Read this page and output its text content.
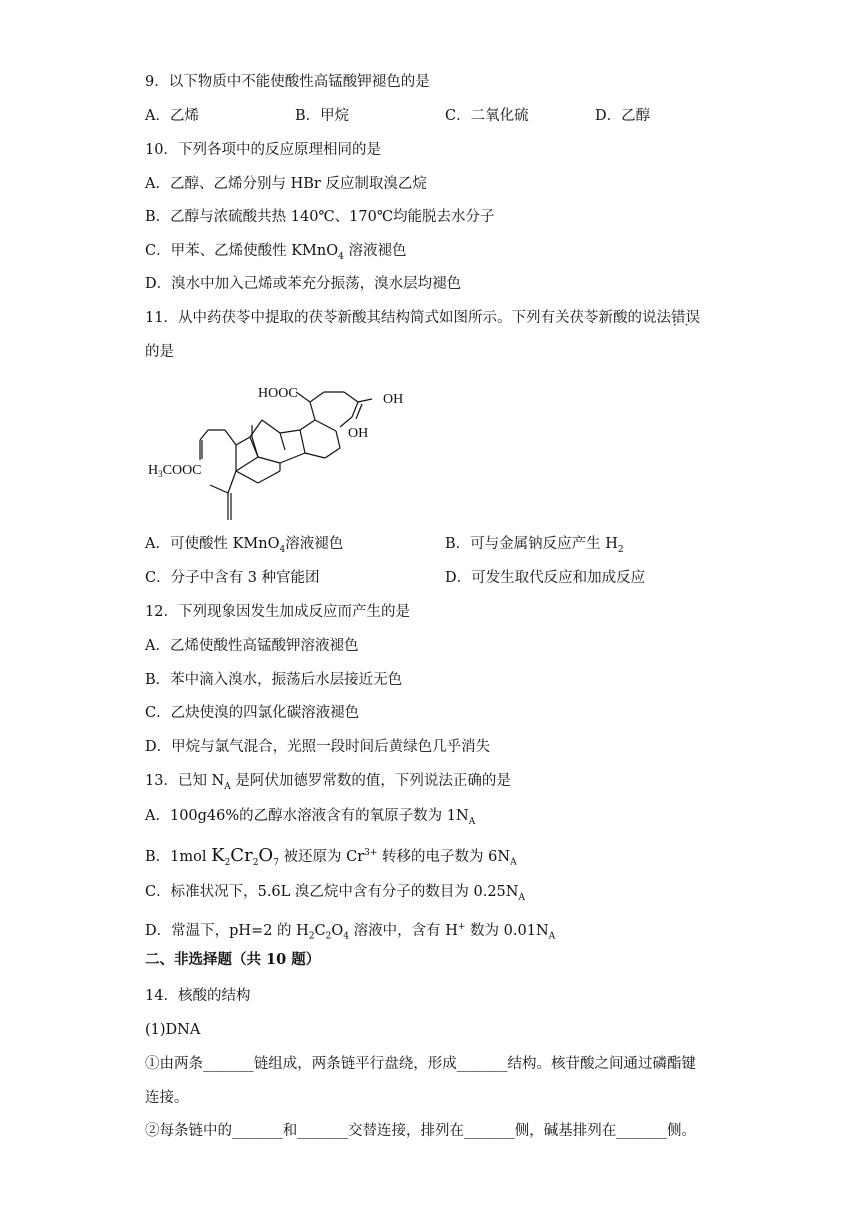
9．以下物质中不能使酸性高锰酸钾褪色的是
A．乙烯	B．甲烷	C．二氧化硫	D．乙醇
10．下列各项中的反应原理相同的是
A．乙醇、乙烯分别与 HBr 反应制取溴乙烷
B．乙醇与浓硫酸共热 140℃、170℃均能脱去水分子
C．甲苯、乙烯使酸性 KMnO$_4$ 溶液褪色
D．溴水中加入己烯或苯充分振荡，溴水层均褪色
11．从中药茯苓中提取的茯苓新酸其结构简式如图所示。下列有关茯苓新酸的说法错误 · ·
的是
HOOC	OH
OH
$H_3COOC$
A．可使酸性 KMnO$_4$溶液褪色	B．可与金属钠反应产生 $H_2$
C．分子中含有 3 种官能团	D．可发生取代反应和加成反应
12．下列现象因发生加成反应而产生的是
A．乙烯使酸性高锰酸钾溶液褪色
B．苯中滴入溴水，振荡后水层接近无色
C．乙炔使溴的四氯化碳溶液褪色
D．甲烷与氯气混合，光照一段时间后黄绿色几乎消失
13．已知 $N_A$ 是阿伏加德罗常数的值，下列说法正确的是
A．100g46%的乙醇水溶液含有的氧原子数为 $1N_A$
B．1mol $K_2Cr_2O_7$ 被还原为 $Cr^{3+}$ 转移的电子数为 $6N_A$
C．标准状况下，5.6L 溴乙烷中含有分子的数目为 $0.25N_A$
D．常温下，pH=2 的 $H_2C_2O_4$ 溶液中，含有 H+ 数为 $0.01N_A$
二、非选择题（共 10 题）
14．核酸的结构
(1)DNA
①由两条_______链组成，两条链平行盘绕，形成_______结构。核苷酸之间通过磷酯键
连接。
②每条链中的_______和_______交替连接，排列在_______侧，碱基排列在_______侧。
